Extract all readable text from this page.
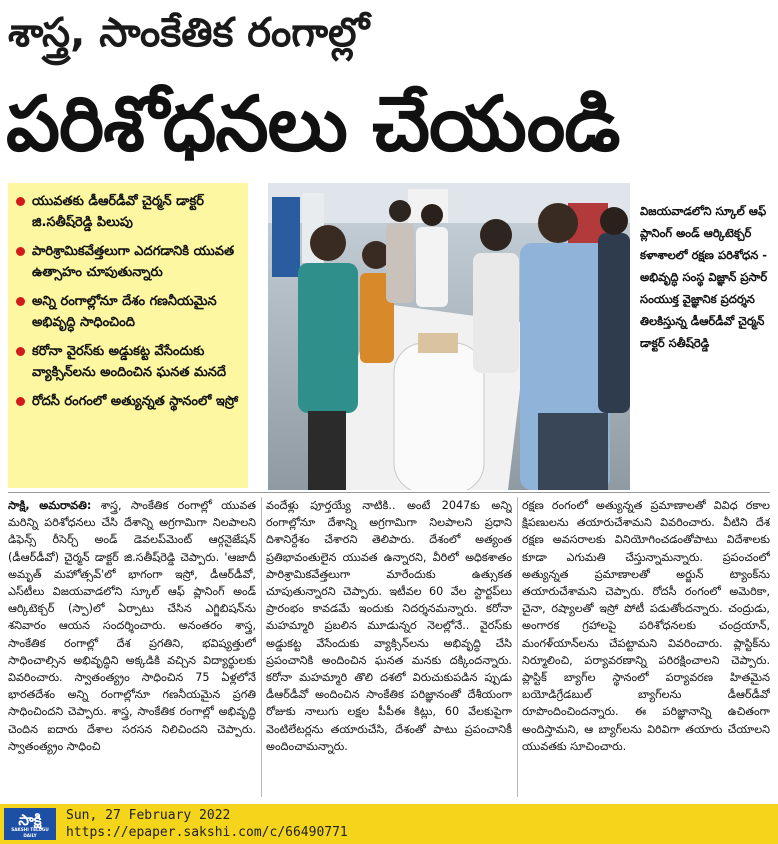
శాస్త్ర, సాంకేతిక రంగాల్లో
పరిశోధనలు చేయండి
యువతకు డీఆర్‌డీవో చైర్మన్ డాక్టర్ జి.సతీష్‌రెడ్డి పిలుపు
పారిశ్రామికవేత్తలుగా ఎదగడానికి యువత ఉత్సాహం చూపుతున్నారు
అన్ని రంగాల్లోనూ దేశం గణనీయమైన అభివృద్ధి సాధించింది
కరోనా వైరస్‌కు అడ్డుకట్ట వేసేందుకు వ్యాక్సిన్‌లను అందించిన ఘనత మనదే
రోదసీ రంగంలో అత్యున్నత స్థానంలో ఇస్రో
విజయవాడలోని స్కూల్ ఆఫ్ ప్లానింగ్ అండ్ ఆర్కిటెక్చర్ కళాశాలలో రక్షణ పరిశోధన - అభివృద్ధి సంస్థ విజ్ఞాన్ ప్రసార్ సంయుక్త వైజ్ఞానిక ప్రదర్శన తిలకిస్తున్న డీఆర్‌డీవో చైర్మన్ డాక్టర్ సతీష్‌రెడ్డి
సాక్షి, అమరావతి: శాస్త్ర, సాంకేతిక రంగాల్లో యువత మరిన్ని పరిశోధనలు చేసి దేశాన్ని అగ్రగామిగా నిలపాలని డిఫెన్స్ రీసెర్చ్ అండ్ డెవలప్‌మెంట్ ఆర్గనైజేషన్ (డీఆర్‌డీవో) చైర్మన్ డాక్టర్ జి.సతీష్‌రెడ్డి చెప్పారు. 'ఆజాదీ అమృత్ మహోత్సవ్'లో భాగంగా ఇస్రో, డీఆర్‌డీవో, ఎస్‌టీలు విజయవాడలోని స్కూల్ ఆఫ్ ప్లానింగ్ అండ్ ఆర్కిటెక్చర్ (స్పా)లో ఏర్పాటు చేసిన ఎగ్జిబిషన్‌ను శనివారం ఆయన సందర్శించారు. అనంతరం శాస్త్ర, సాంకేతిక రంగాల్లో దేశ ప్రగతిని, భవిష్యత్తులో సాధించాల్సిన అభివృద్ధిని అక్కడికి వచ్చిన విద్యార్థులకు వివరించారు. స్వాతంత్య్రం సాధించిన 75 ఏళ్లలోనే భారతదేశం అన్ని రంగాల్లోనూ గణనీయమైన ప్రగతి సాధించిందని చెప్పారు. శాస్త్ర, సాంకేతిక రంగాల్లో అభివృద్ధి చెందిన ఐదారు దేశాల సరసన నిలిచిందని చెప్పారు. స్వాతంత్య్రం సాధించి
వందేళ్లు పూర్తయ్యే నాటికి.. అంటే 2047కు అన్ని రంగాల్లోనూ దేశాన్ని అగ్రగామిగా నిలపాలని ప్రధాని దిశానిర్దేశం చేశారని తెలిపారు. దేశంలో అత్యంత ప్రతిభావంతులైన యువత ఉన్నారని, వీరిలో అధికశాతం పారిశ్రామికవేత్తలుగా మారేందుకు ఉత్సుకత చూపుతున్నారని చెప్పారు. ఇటీవల 60 వేల స్టార్టప్‌లు ప్రారంభం కావడమే ఇందుకు నిదర్శనమన్నారు. కరోనా మహమ్మారి ప్రబలిన మూడున్నర నెలల్లోనే.. వైరస్‌కు అడ్డుకట్ట వేసేందుకు వ్యాక్సిన్‌లను అభివృద్ధి చేసి ప్రపంచానికి అందించిన ఘనత మనకు దక్కిందన్నారు. కరోనా మహమ్మారి తొలి దశలో విరుచుకుపడిన ప్పుడు డీఆర్‌డీవో అందించిన సాంకేతిక పరిజ్ఞానంతో దేశీయంగా రోజుకు నాలుగు లక్షల పీపీఈ కిట్లు, 60 వేలకుపైగా వెంటిలేటర్లను తయారుచేసి, దేశంతో పాటు ప్రపంచానికీ అందించామన్నారు.
రక్షణ రంగంలో అత్యున్నత ప్రమాణాలతో వివిధ రకాల క్షిపణులను తయారుచేశామని వివరించారు. వీటిని దేశ రక్షణ అవసరాలకు వినియోగించడంతోపాటు విదేశాలకు కూడా ఎగుమతి చేస్తున్నామన్నారు. ప్రపంచంలో అత్యున్నత ప్రమాణాలతో అర్జున్ ట్యాంక్‌ను తయారుచేశామని చెప్పారు. రోదసీ రంగంలో అమెరికా, చైనా, రష్యాలతో ఇస్రో పోటీ పడుతోందన్నారు. చంద్రుడు, అంగారక గ్రహాలపై పరిశోధనలకు చంద్రయాన్, మంగళ్‌యాన్‌లను చేపట్టామని వివరించారు. ప్లాస్టిక్‌ను నిర్మూలించి, పర్యావరణాన్ని పరిరక్షించాలని చెప్పారు. ప్లాస్టిక్ బ్యాగ్‌ల స్థానంలో పర్యావరణ హితమైన బయోడిగ్రేడబుల్ బ్యాగ్‌లను డీఆర్‌డీవో రూపొందించిందన్నారు. ఈ పరిజ్ఞానాన్ని ఉచితంగా అందిస్తామని, ఆ బ్యాగ్‌లను విరివిగా తయారు చేయాలని యువతకు సూచించారు.
సాక్షి
SAKSHI TELUGU DAILY
Sun, 27 February 2022
https://epaper.sakshi.com/c/66490771
